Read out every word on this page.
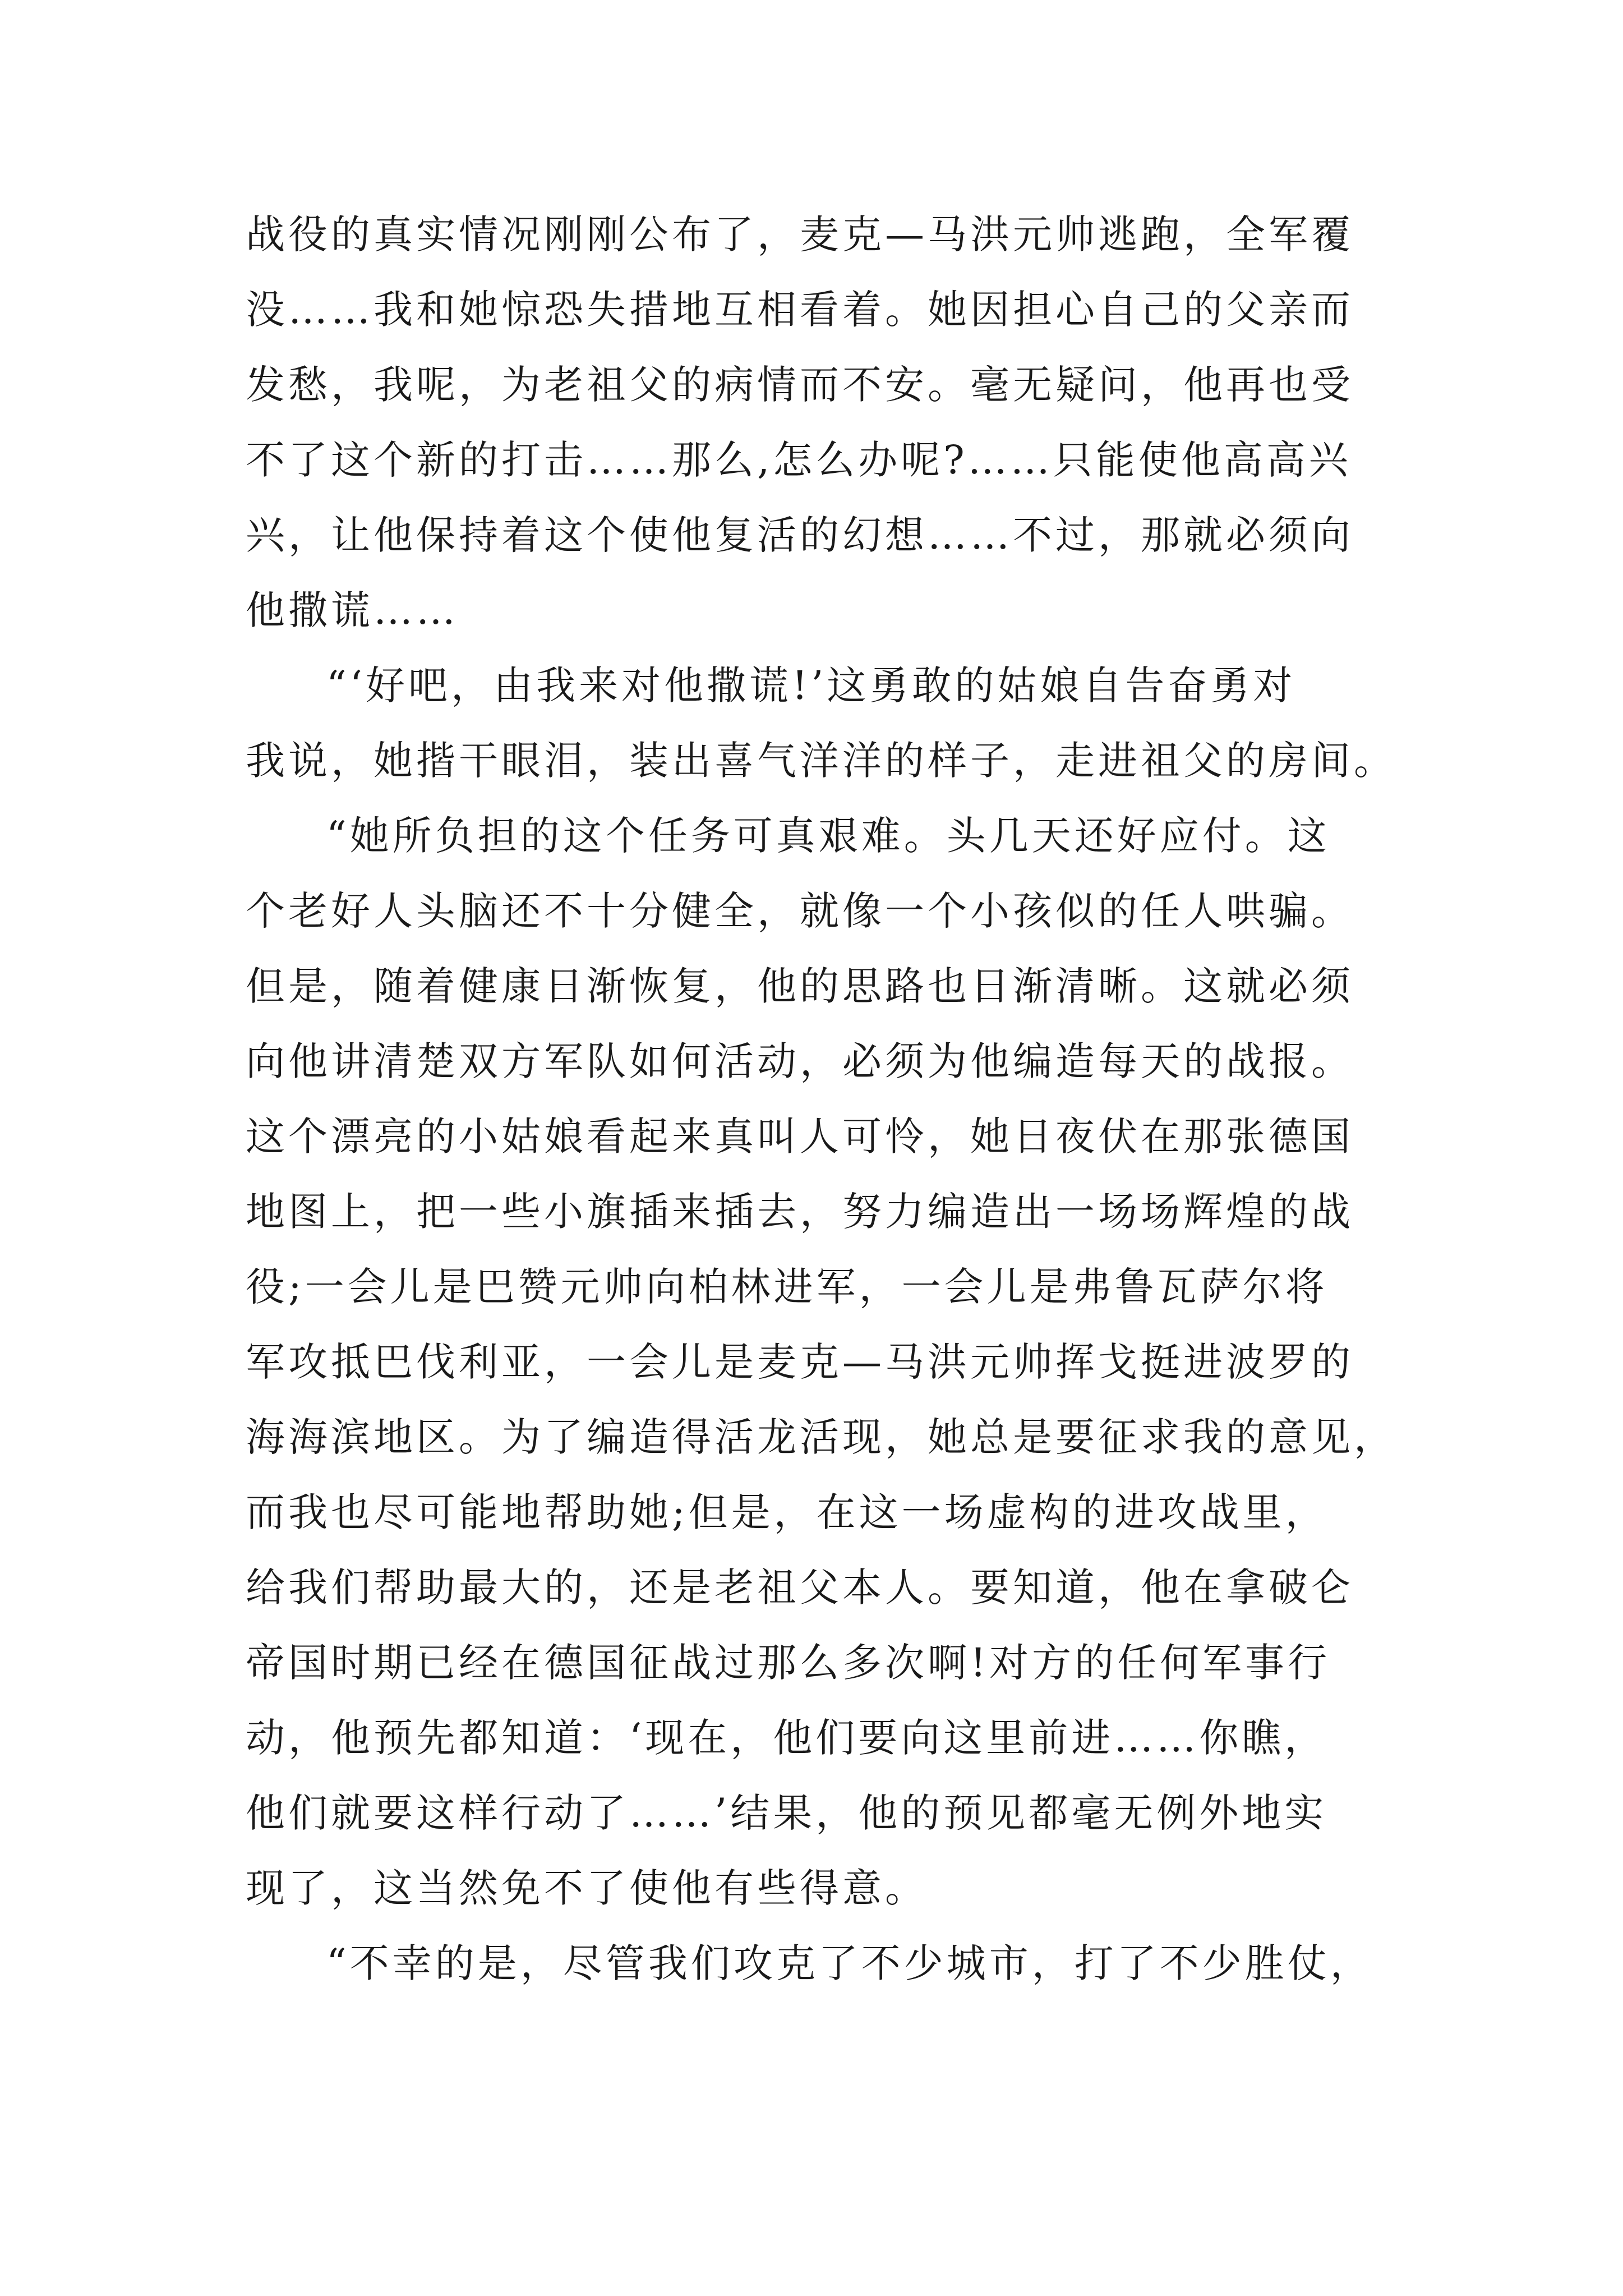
战役的真实情况刚刚公布了，麦克—马洪元帅逃跑，全军覆
没……我和她惊恐失措地互相看着。她因担心自己的父亲而
发愁，我呢，为老祖父的病情而不安。毫无疑问，他再也受
不了这个新的打击……那么,怎么办呢?……只能使他高高兴
兴，让他保持着这个使他复活的幻想……不过，那就必须向
他撒谎……
“‘好吧，由我来对他撒谎!’这勇敢的姑娘自告奋勇对
我说，她揩干眼泪，装出喜气洋洋的样子，走进祖父的房间。
“她所负担的这个任务可真艰难。头几天还好应付。这
个老好人头脑还不十分健全，就像一个小孩似的任人哄骗。
但是，随着健康日渐恢复，他的思路也日渐清晰。这就必须
向他讲清楚双方军队如何活动，必须为他编造每天的战报。
这个漂亮的小姑娘看起来真叫人可怜，她日夜伏在那张德国
地图上，把一些小旗插来插去，努力编造出一场场辉煌的战
役;一会儿是巴赞元帅向柏林进军，一会儿是弗鲁瓦萨尔将
军攻抵巴伐利亚，一会儿是麦克—马洪元帅挥戈挺进波罗的
海海滨地区。为了编造得活龙活现，她总是要征求我的意见，
而我也尽可能地帮助她;但是，在这一场虚构的进攻战里，
给我们帮助最大的，还是老祖父本人。要知道，他在拿破仑
帝国时期已经在德国征战过那么多次啊!对方的任何军事行
动，他预先都知道：‘现在，他们要向这里前进……你瞧，
他们就要这样行动了……’结果，他的预见都毫无例外地实
现了，这当然免不了使他有些得意。
“不幸的是，尽管我们攻克了不少城市，打了不少胜仗，
